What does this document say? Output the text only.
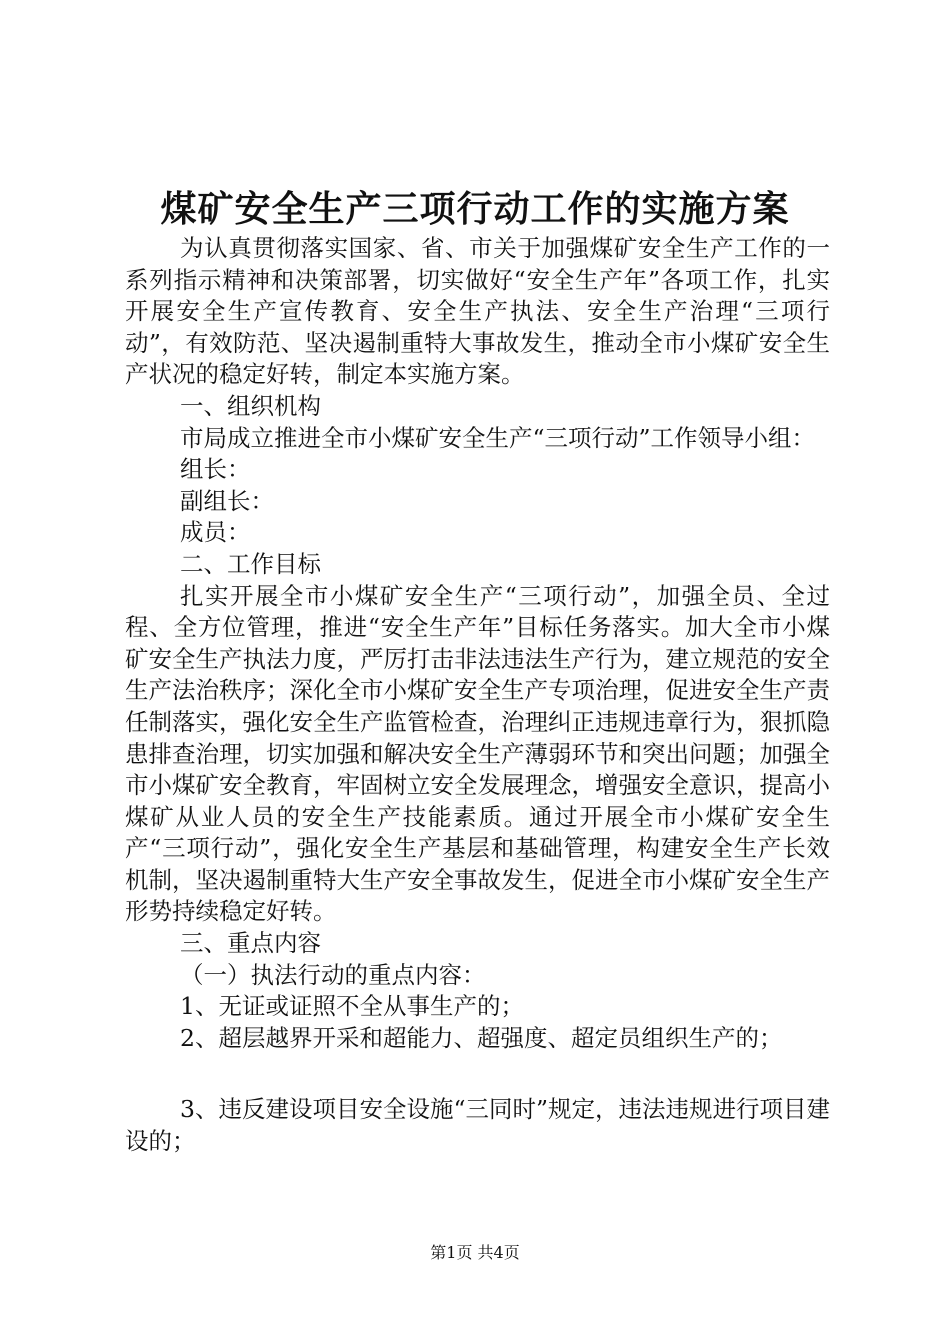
煤矿安全生产三项行动工作的实施方案

为认真贯彻落实国家、省、市关于加强煤矿安全生产工作的一系列指示精神和决策部署，切实做好“安全生产年”各项工作，扎实开展安全生产宣传教育、安全生产执法、安全生产治理“三项行动”，有效防范、坚决遏制重特大事故发生，推动全市小煤矿安全生产状况的稳定好转，制定本实施方案。

一、组织机构

市局成立推进全市小煤矿安全生产“三项行动”工作领导小组：

组长：

副组长：

成员：

二、工作目标

扎实开展全市小煤矿安全生产“三项行动”，加强全员、全过程、全方位管理，推进“安全生产年”目标任务落实。加大全市小煤矿安全生产执法力度，严厉打击非法违法生产行为，建立规范的安全生产法治秩序；深化全市小煤矿安全生产专项治理，促进安全生产责任制落实，强化安全生产监管检查，治理纠正违规违章行为，狠抓隐患排查治理，切实加强和解决安全生产薄弱环节和突出问题；加强全市小煤矿安全教育，牢固树立安全发展理念，增强安全意识，提高小煤矿从业人员的安全生产技能素质。通过开展全市小煤矿安全生产“三项行动”，强化安全生产基层和基础管理，构建安全生产长效机制，坚决遏制重特大生产安全事故发生，促进全市小煤矿安全生产形势持续稳定好转。

三、重点内容

（一）执法行动的重点内容：

1、无证或证照不全从事生产的；

2、超层越界开采和超能力、超强度、超定员组织生产的；

3、违反建设项目安全设施“三同时”规定，违法违规进行项目建设的；

第1页 共4页
